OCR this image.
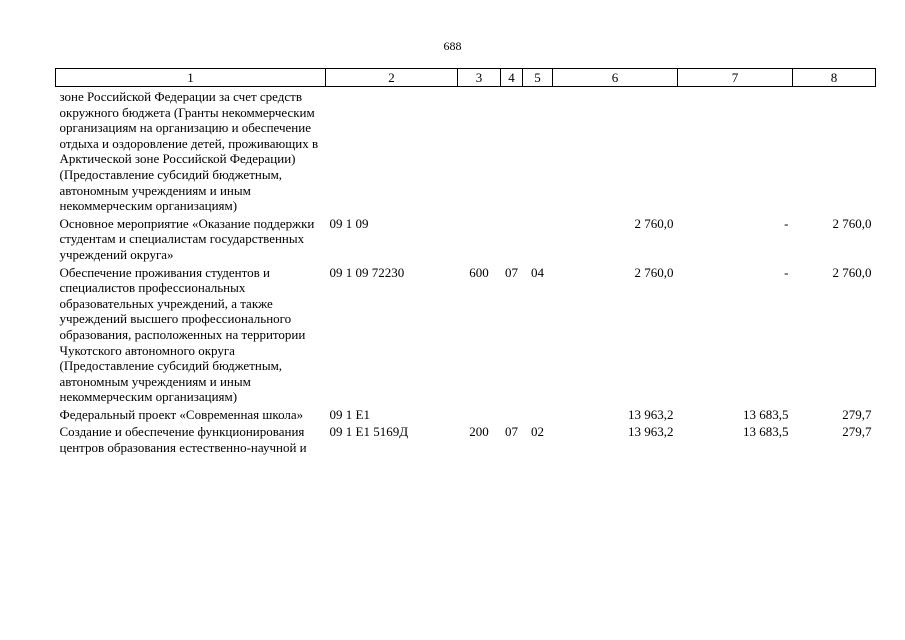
688
1	2	3	4	5	6	7	8
зоне Российской Федерации за счет средств окружного бюджета (Гранты некоммерческим организациям на организацию и обеспечение отдыха и оздоровление детей, проживающих в Арктической зоне Российской Федерации) (Предоставление субсидий бюджетным, автономным учреждениям и иным некоммерческим организациям)							
Основное мероприятие «Оказание поддержки студентам и специалистам государственных учреждений округа»	09 1 09				2 760,0	-	2 760,0
Обеспечение проживания студентов и специалистов профессиональных образовательных учреждений, а также учреждений высшего профессионального образования, расположенных на территории Чукотского автономного округа (Предоставление субсидий бюджетным, автономным учреждениям и иным некоммерческим организациям)	09 1 09 72230	600	07	04	2 760,0	-	2 760,0
Федеральный проект «Современная школа»	09 1 E1				13 963,2	13 683,5	279,7
Создание и обеспечение функционирования центров образования естественно-научной и	09 1 E1 5169Д	200	07	02	13 963,2	13 683,5	279,7
